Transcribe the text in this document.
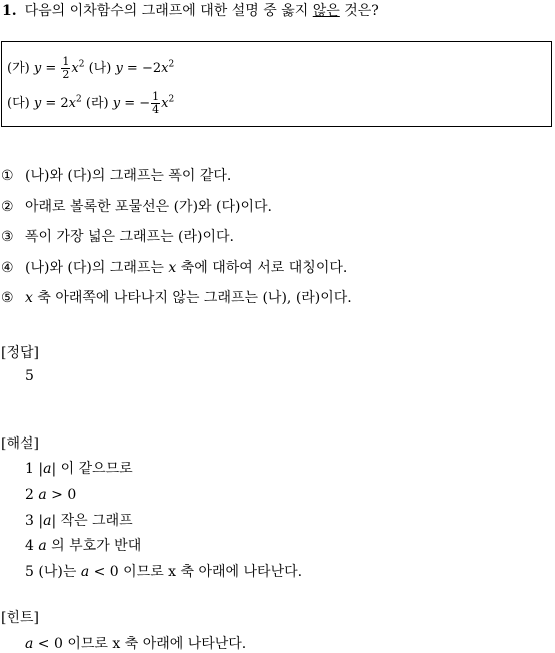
1. 다음의 이차함수의 그래프에 대한 설명 중 옳지 않은 것은?
(가) $y = \frac{1}{2} x^2$ (나) $y = -2x^2$
(다) $y = 2x^2$ (라) y = − $\frac{1}{4} x^2$
① (나)와 (다)의 그래프는 폭이 같다.
② 아래로 볼록한 포물선은 (가)와 (다)이다.
③ 폭이 가장 넓은 그래프는 (라)이다.
④ (나)와 (다)의 그래프는 x 축에 대하여 서로 대칭이다.
⑤ x 축 아래쪽에 나타나지 않는 그래프는 (나), (라)이다.
[정답]
5
[해설]
1 |a| 이 같으므로
2 a > 0
3 |a| 작은 그래프
4 a 의 부호가 반대
5 (나)는 a < 0 이므로 x 축 아래에 나타난다.
[힌트]
a < 0 이므로 x 축 아래에 나타난다.
